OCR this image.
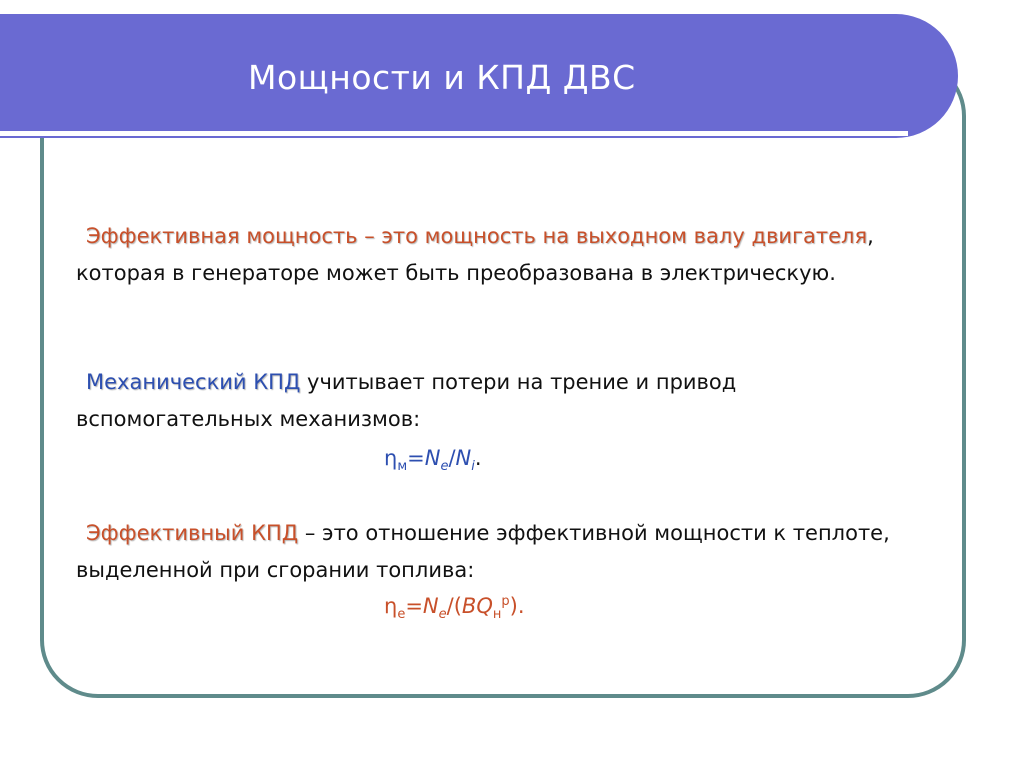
Мощности и КПД ДВС
Эффективная мощность – это мощность на выходном валу двигателя, которая в генераторе может быть преобразована в электрическую.
Механический КПД учитывает потери на трение и привод вспомогательных механизмов:
$\eta_м=N_e/N_i$.
Эффективный КПД – это отношение эффективной мощности к теплоте, выделенной при сгорании топлива:
$\eta_e=N_e/(BQ_н^р)$.
